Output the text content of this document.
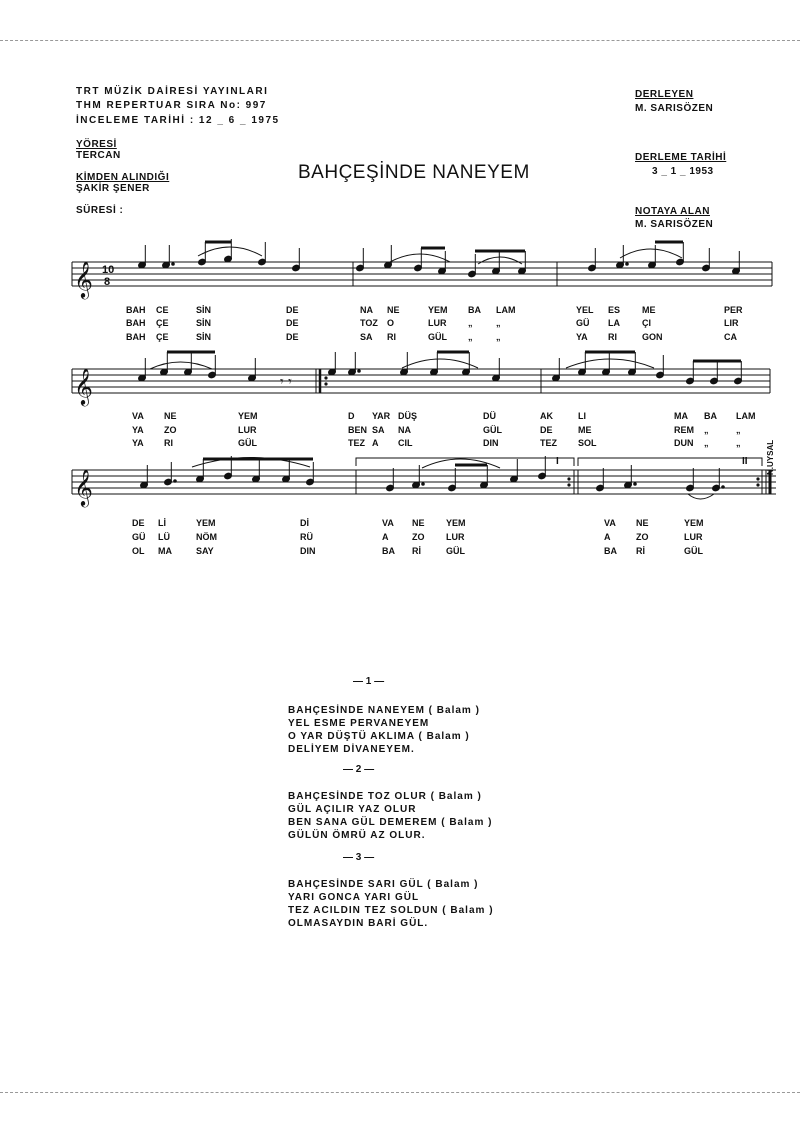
TRT MÜZİK DAİRESİ YAYINLARI
THM REPERTUAR SIRA No: 997
İNCELEME TARİHİ : 12 _ 6 _ 1975
YÖRESİ
TERCAN
KİMDEN ALINDIĞI
ŞAKİR ŞENER
SÜRESİ :
BAHÇEŞİNDE NANEYEM
DERLEYEN
M. SARISÖZEN
DERLEME TARİHİ
3 _ 1 _ 1953
NOTAYA ALAN
M. SARISÖZEN
𝄞
𝄞
𝄞
10
8
I	II
𝄾 𝄾
N.UYSAL
BAH CE	SİN	DE	NA NE	YEM BA LAM	YEL ES ME	PER
BAH ÇE	SİN	DE	TOZ O	LUR „	„	GÜ LA ÇI	LIR
BAH ÇE	SİN	DE	SA RI	GÜL „	„	YA RI	GON	CA
VA NE	YEM	D YAR DÜŞ	DÜ	AK	LI	MA BA LAM
YA ZO	LUR	BEN SA NA	GÜL	DE	ME	REM „	„
YA RI	GÜL	TEZ A CIL	DIN	TEZ SOL	DUN „	„
DE Lİ	YEM	Dİ	VA NE YEM	VA NE	YEM
GÜ LÜ	NÖM	RÜ	A	ZO LUR	A	ZO	LUR
OL MA	SAY	DIN	BA Rİ	GÜL	BA Rİ	GÜL
— 1 —
BAHÇESİNDE NANEYEM ( Balam )
YEL ESME PERVANEYEM
O YAR DÜŞTÜ AKLIMA ( Balam )
DELİYEM DİVANEYEM.
— 2 —
BAHÇESİNDE TOZ OLUR ( Balam )
GÜL AÇILIR YAZ OLUR
BEN SANA GÜL DEMEREM ( Balam )
GÜLÜN ÖMRÜ AZ OLUR.
— 3 —
BAHÇESİNDE SARI GÜL ( Balam )
YARI GONCA YARI GÜL
TEZ ACILDIN TEZ SOLDUN ( Balam )
OLMASAYDIN BARİ GÜL.
